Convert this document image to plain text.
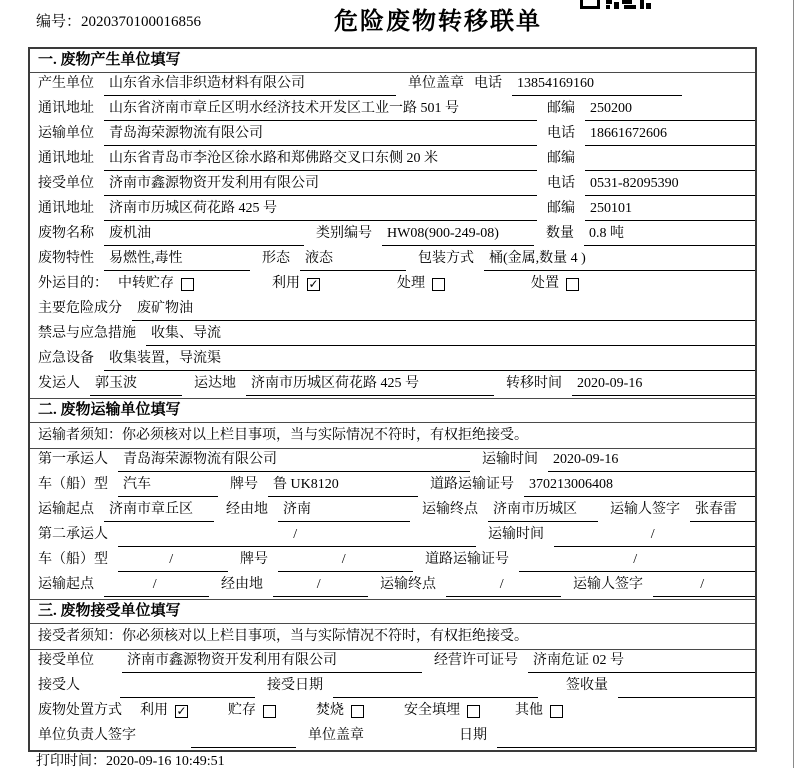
编号：2020370100016856	危险废物转移联单
一. 废物产生单位填写
产生单位	山东省永信非织造材料有限公司	单位盖章 电话	13854169160
通讯地址	山东省济南市章丘区明水经济技术开发区工业一路 501 号	邮编	250200
运输单位	青岛海荣源物流有限公司	电话	18661672606
通讯地址	山东省青岛市李沧区徐水路和郑佛路交叉口东侧 20 米	邮编
接受单位	济南市鑫源物资开发利用有限公司	电话	0531-82095390
通讯地址	济南市历城区荷花路 425 号	邮编	250101
废物名称	废机油	类别编号	HW08(900-249-08)	数量	0.8 吨
废物特性	易燃性,毒性	形态	液态	包装方式	桶(金属,数量 4 )
外运目的： 中转贮存	利用 ✓	处理	处置
主要危险成分	废矿物油
禁忌与应急措施	收集、导流
应急设备	收集装置，导流渠
发运人	郭玉波	运达地	济南市历城区荷花路 425 号	转移时间	2020-09-16
二. 废物运输单位填写
运输者须知：你必须核对以上栏目事项，当与实际情况不符时，有权拒绝接受。
第一承运人	青岛海荣源物流有限公司	运输时间	2020-09-16
车（船）型	汽车	牌号	鲁 UK8120	道路运输证号	370213006408
运输起点	济南市章丘区	经由地	济南	运输终点	济南市历城区	运输人签字	张春雷
第二承运人	/	运输时间	/
车（船）型	/	牌号	/	道路运输证号	/
运输起点	/	经由地	/	运输终点	/	运输人签字	/
三. 废物接受单位填写
接受者须知：你必须核对以上栏目事项，当与实际情况不符时，有权拒绝接受。
接受单位	济南市鑫源物资开发利用有限公司	经营许可证号	济南危证 02 号
接受人	接受日期	签收量
废物处置方式 利用 ✓	贮存	焚烧	安全填埋	其他
单位负责人签字	单位盖章	日期
打印时间：2020-09-16 10:49:51
